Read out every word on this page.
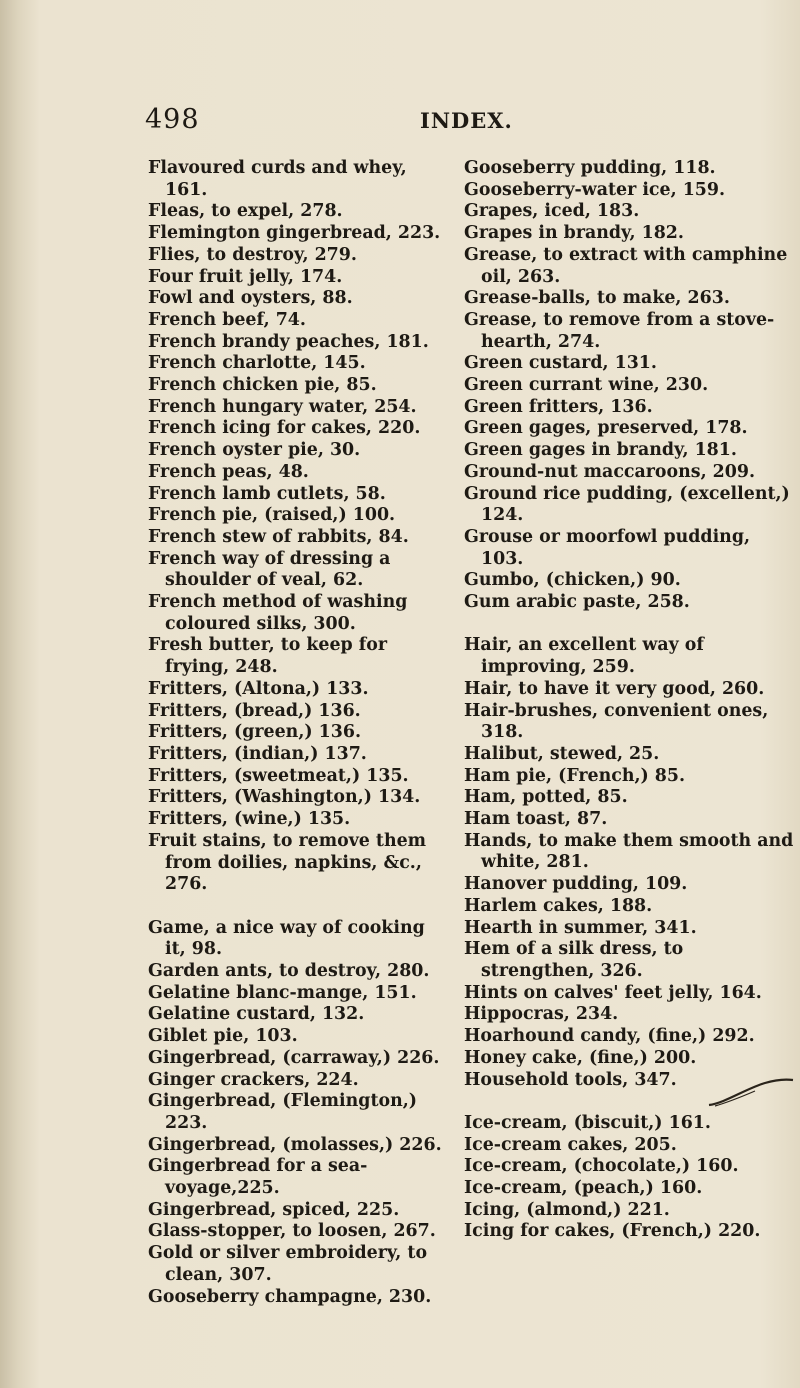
498	INDEX.
Flavoured curds and whey, 161.
Fleas, to expel, 278.
Flemington gingerbread, 223.
Flies, to destroy, 279.
Four fruit jelly, 174.
Fowl and oysters, 88.
French beef, 74.
French brandy peaches, 181.
French charlotte, 145.
French chicken pie, 85.
French hungary water, 254.
French icing for cakes, 220.
French oyster pie, 30.
French peas, 48.
French lamb cutlets, 58.
French pie, (raised,) 100.
French stew of rabbits, 84.
French way of dressing a shoulder of veal, 62.
French method of washing coloured silks, 300.
Fresh butter, to keep for frying, 248.
Fritters, (Altona,) 133.
Fritters, (bread,) 136.
Fritters, (green,) 136.
Fritters, (indian,) 137.
Fritters, (sweetmeat,) 135.
Fritters, (Washington,) 134.
Fritters, (wine,) 135.
Fruit stains, to remove them from doilies, napkins, &c., 276.
Game, a nice way of cooking it, 98.
Garden ants, to destroy, 280.
Gelatine blanc-mange, 151.
Gelatine custard, 132.
Giblet pie, 103.
Gingerbread, (carraway,) 226.
Ginger crackers, 224.
Gingerbread, (Flemington,) 223.
Gingerbread, (molasses,) 226.
Gingerbread for a sea-voyage,225.
Gingerbread, spiced, 225.
Glass-stopper, to loosen, 267.
Gold or silver embroidery, to clean, 307.
Gooseberry champagne, 230.
Gooseberry pudding, 118.
Gooseberry-water ice, 159.
Grapes, iced, 183.
Grapes in brandy, 182.
Grease, to extract with camphine oil, 263.
Grease-balls, to make, 263.
Grease, to remove from a stove-hearth, 274.
Green custard, 131.
Green currant wine, 230.
Green fritters, 136.
Green gages, preserved, 178.
Green gages in brandy, 181.
Ground-nut maccaroons, 209.
Ground rice pudding, (excellent,) 124.
Grouse or moorfowl pudding, 103.
Gumbo, (chicken,) 90.
Gum arabic paste, 258.
Hair, an excellent way of improving, 259.
Hair, to have it very good, 260.
Hair-brushes, convenient ones, 318.
Halibut, stewed, 25.
Ham pie, (French,) 85.
Ham, potted, 85.
Ham toast, 87.
Hands, to make them smooth and white, 281.
Hanover pudding, 109.
Harlem cakes, 188.
Hearth in summer, 341.
Hem of a silk dress, to strengthen, 326.
Hints on calves' feet jelly, 164.
Hippocras, 234.
Hoarhound candy, (fine,) 292.
Honey cake, (fine,) 200.
Household tools, 347.
Ice-cream, (biscuit,) 161.
Ice-cream cakes, 205.
Ice-cream, (chocolate,) 160.
Ice-cream, (peach,) 160.
Icing, (almond,) 221.
Icing for cakes, (French,) 220.
